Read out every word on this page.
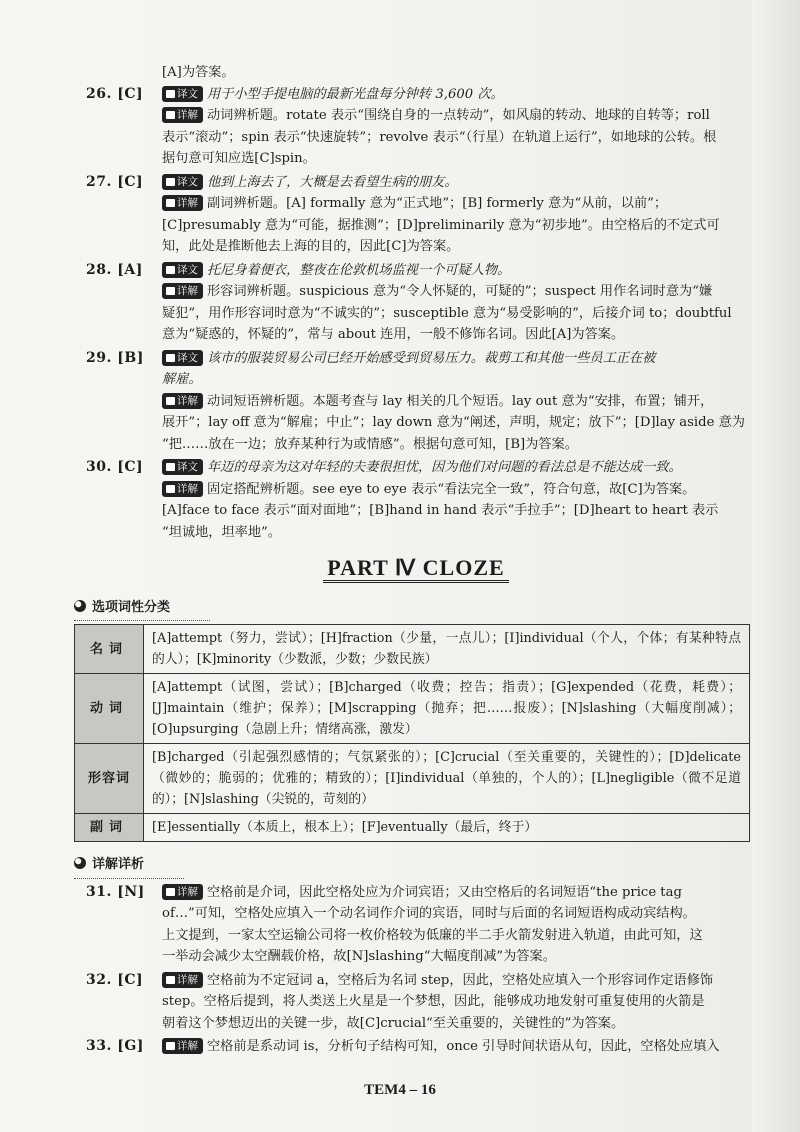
[A]为答案。
26. [C]	译文 用于小型手提电脑的最新光盘每分钟转 3,600 次。
详解 动词辨析题。rotate 表示“围绕自身的一点转动”，如风扇的转动、地球的自转等；roll
表示“滚动”；spin 表示“快速旋转”；revolve 表示“（行星）在轨道上运行”，如地球的公转。根
据句意可知应选[C]spin。
27. [C]	译文 他到上海去了，大概是去看望生病的朋友。
详解 副词辨析题。[A] formally 意为“正式地”；[B] formerly 意为“从前，以前”；
[C]presumably 意为“可能，据推测”；[D]preliminarily 意为“初步地”。由空格后的不定式可
知，此处是推断他去上海的目的，因此[C]为答案。
28. [A]	译文 托尼身着便衣，整夜在伦敦机场监视一个可疑人物。
详解 形容词辨析题。suspicious 意为“令人怀疑的，可疑的”；suspect 用作名词时意为“嫌
疑犯”，用作形容词时意为“不诚实的”；susceptible 意为“易受影响的”，后接介词 to；doubtful
意为“疑惑的，怀疑的”，常与 about 连用，一般不修饰名词。因此[A]为答案。
29. [B]	译文 该市的服装贸易公司已经开始感受到贸易压力。裁剪工和其他一些员工正在被
解雇。
详解 动词短语辨析题。本题考查与 lay 相关的几个短语。lay out 意为“安排，布置；铺开，
展开”；lay off 意为“解雇；中止”；lay down 意为“阐述，声明，规定；放下”；[D]lay aside 意为
“把……放在一边；放弃某种行为或情感”。根据句意可知，[B]为答案。
30. [C]	译文 年迈的母亲为这对年轻的夫妻很担忧，因为他们对问题的看法总是不能达成一致。
详解 固定搭配辨析题。see eye to eye 表示“看法完全一致”，符合句意，故[C]为答案。
[A]face to face 表示“面对面地”；[B]hand in hand 表示“手拉手”；[D]heart to heart 表示
“坦诚地，坦率地”。
PART Ⅳ CLOZE
选项词性分类
名词	[A]attempt（努力，尝试）；[H]fraction（少量，一点儿）；[I]individual（个人，个体；有某种特点的人）；[K]minority（少数派，少数；少数民族）
动词	[A]attempt（试图，尝试）；[B]charged（收费；控告；指责）；[G]expended（花费，耗费）；[J]maintain（维护；保养）；[M]scrapping（抛弃；把……报废）；[N]slashing（大幅度削减）；[O]upsurging（急剧上升；情绪高涨，激发）
形容词	[B]charged（引起强烈感情的；气氛紧张的）；[C]crucial（至关重要的，关键性的）；[D]delicate（微妙的；脆弱的；优雅的；精致的）；[I]individual（单独的，个人的）；[L]negligible（微不足道的）；[N]slashing（尖锐的，苛刻的）
副词	[E]essentially（本质上，根本上）；[F]eventually（最后，终于）
详解详析
31. [N]	详解 空格前是介词，因此空格处应为介词宾语；又由空格后的名词短语“the price tag
of…”可知，空格处应填入一个动名词作介词的宾语，同时与后面的名词短语构成动宾结构。
上文提到，一家太空运输公司将一枚价格较为低廉的半二手火箭发射进入轨道，由此可知，这
一举动会减少太空酬载价格，故[N]slashing“大幅度削减”为答案。
32. [C]	详解 空格前为不定冠词 a，空格后为名词 step，因此，空格处应填入一个形容词作定语修饰
step。空格后提到，将人类送上火星是一个梦想，因此，能够成功地发射可重复使用的火箭是
朝着这个梦想迈出的关键一步，故[C]crucial“至关重要的，关键性的”为答案。
33. [G]	详解 空格前是系动词 is，分析句子结构可知，once 引导时间状语从句，因此，空格处应填入
TEM4 – 16
